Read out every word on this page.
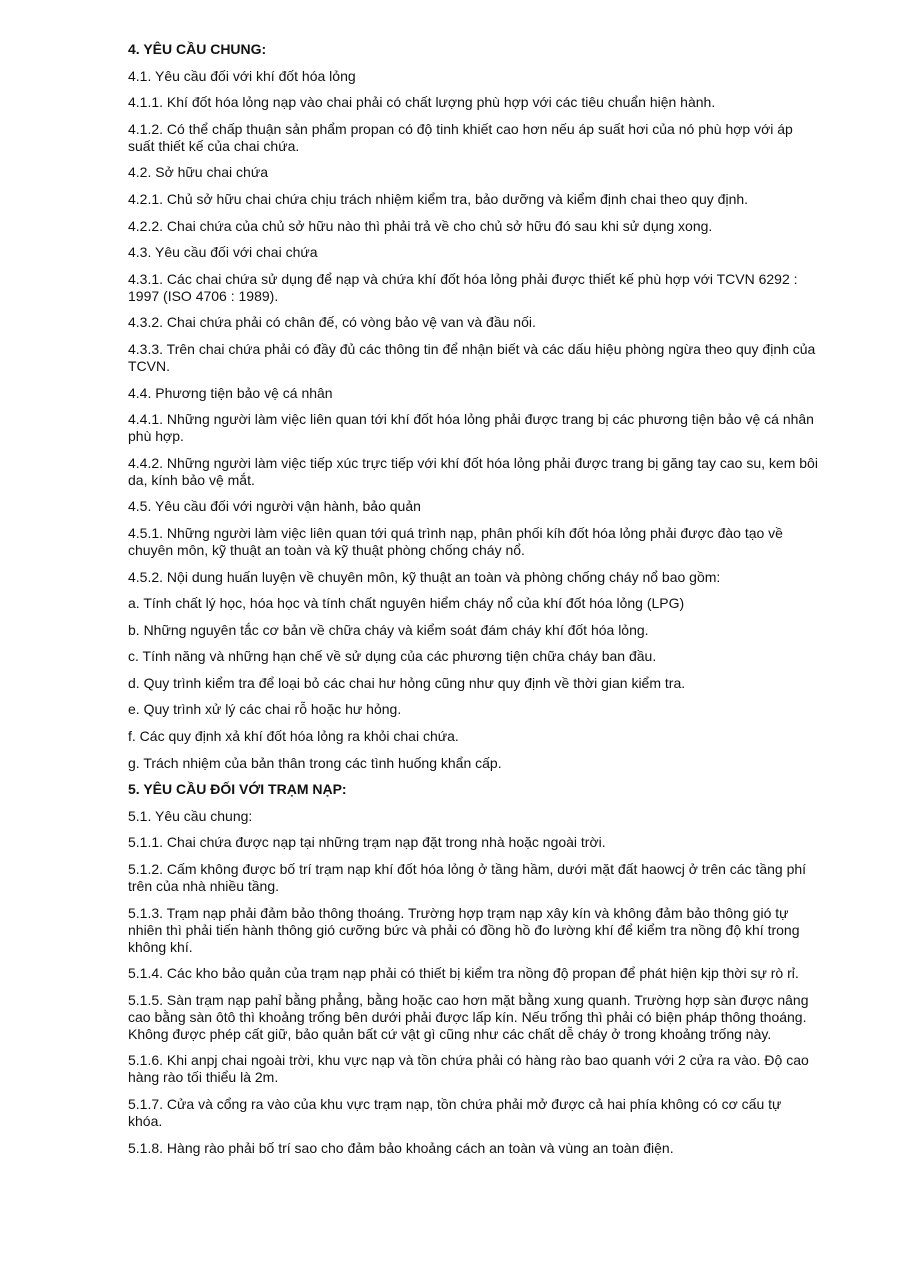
4. YÊU CẦU CHUNG:

4.1. Yêu cầu đối với khí đốt hóa lỏng

4.1.1. Khí đốt hóa lỏng nạp vào chai phải có chất lượng phù hợp với các tiêu chuẩn hiện hành.

4.1.2. Có thể chấp thuận sản phẩm propan có độ tinh khiết cao hơn nếu áp suất hơi của nó phù hợp với áp suất thiết kế của chai chứa.

4.2. Sở hữu chai chứa

4.2.1. Chủ sở hữu chai chứa chịu trách nhiệm kiểm tra, bảo dưỡng và kiểm định chai theo quy định.

4.2.2. Chai chứa của chủ sở hữu nào thì phải trả về cho chủ sở hữu đó sau khi sử dụng xong.

4.3. Yêu cầu đối với chai chứa

4.3.1. Các chai chứa sử dụng để nạp và chứa khí đốt hóa lỏng phải được thiết kế phù hợp với TCVN 6292 : 1997 (ISO 4706 : 1989).

4.3.2. Chai chứa phải có chân đế, có vòng bảo vệ van và đầu nối.

4.3.3. Trên chai chứa phải có đầy đủ các thông tin để nhận biết và các dấu hiệu phòng ngừa theo quy định của TCVN.

4.4. Phương tiện bảo vệ cá nhân

4.4.1. Những người làm việc liên quan tới khí đốt hóa lỏng phải được trang bị các phương tiện bảo vệ cá nhân phù hợp.

4.4.2. Những người làm việc tiếp xúc trực tiếp với khí đốt hóa lỏng phải được trang bị găng tay cao su, kem bôi da, kính bảo vệ mắt.

4.5. Yêu cầu đối với người vận hành, bảo quản

4.5.1. Những người làm việc liên quan tới quá trình nạp, phân phối kíh đốt hóa lỏng phải được đào tạo về chuyên môn, kỹ thuật an toàn và kỹ thuật phòng chống cháy nổ.

4.5.2. Nội dung huấn luyện về chuyên môn, kỹ thuật an toàn và phòng chống cháy nổ bao gồm:

a. Tính chất lý học, hóa học và tính chất nguyên hiểm cháy nổ của khí đốt hóa lỏng (LPG)

b. Những nguyên tắc cơ bản về chữa cháy và kiểm soát đám cháy khí đốt hóa lỏng.

c. Tính năng và những hạn chế về sử dụng của các phương tiện chữa cháy ban đầu.

d. Quy trình kiểm tra để loại bỏ các chai hư hỏng cũng như quy định về thời gian kiểm tra.

e. Quy trình xử lý các chai rỗ hoặc hư hỏng.

f. Các quy định xả khí đốt hóa lỏng ra khỏi chai chứa.

g. Trách nhiệm của bản thân trong các tình huống khẩn cấp.

5. YÊU CẦU ĐỐI VỚI TRẠM NẠP:

5.1. Yêu cầu chung:

5.1.1. Chai chứa được nạp tại những trạm nạp đặt trong nhà hoặc ngoài trời.

5.1.2. Cấm không được bố trí trạm nạp khí đốt hóa lỏng ở tầng hầm, dưới mặt đất haowcj ở trên các tầng phí trên của nhà nhiều tầng.

5.1.3. Trạm nạp phải đảm bảo thông thoáng. Trường hợp trạm nạp xây kín và không đảm bảo thông gió tự nhiên thì phải tiến hành thông gió cưỡng bức và phải có đồng hồ đo lường khí để kiểm tra nồng độ khí trong không khí.

5.1.4. Các kho bảo quản của trạm nạp phải có thiết bị kiểm tra nồng độ propan để phát hiện kịp thời sự rò rỉ.

5.1.5. Sàn trạm nạp pahỉ bằng phẳng, bằng hoặc cao hơn mặt bằng xung quanh. Trường hợp sàn được nâng cao bằng sàn ôtô thì khoảng trống bên dưới phải được lấp kín. Nếu trống thì phải có biện pháp thông thoáng. Không được phép cất giữ, bảo quản bất cứ vật gì cũng như các chất dễ cháy ở trong khoảng trống này.

5.1.6. Khi anpj chai ngoài trời, khu vực nạp và tồn chứa phải có hàng rào bao quanh với 2 cửa ra vào. Độ cao hàng rào tối thiểu là 2m.

5.1.7. Cửa và cổng ra vào của khu vực trạm nạp, tồn chứa phải mở được cả hai phía không có cơ cấu tự khóa.

5.1.8. Hàng rào phải bố trí sao cho đảm bảo khoảng cách an toàn và vùng an toàn điện.
